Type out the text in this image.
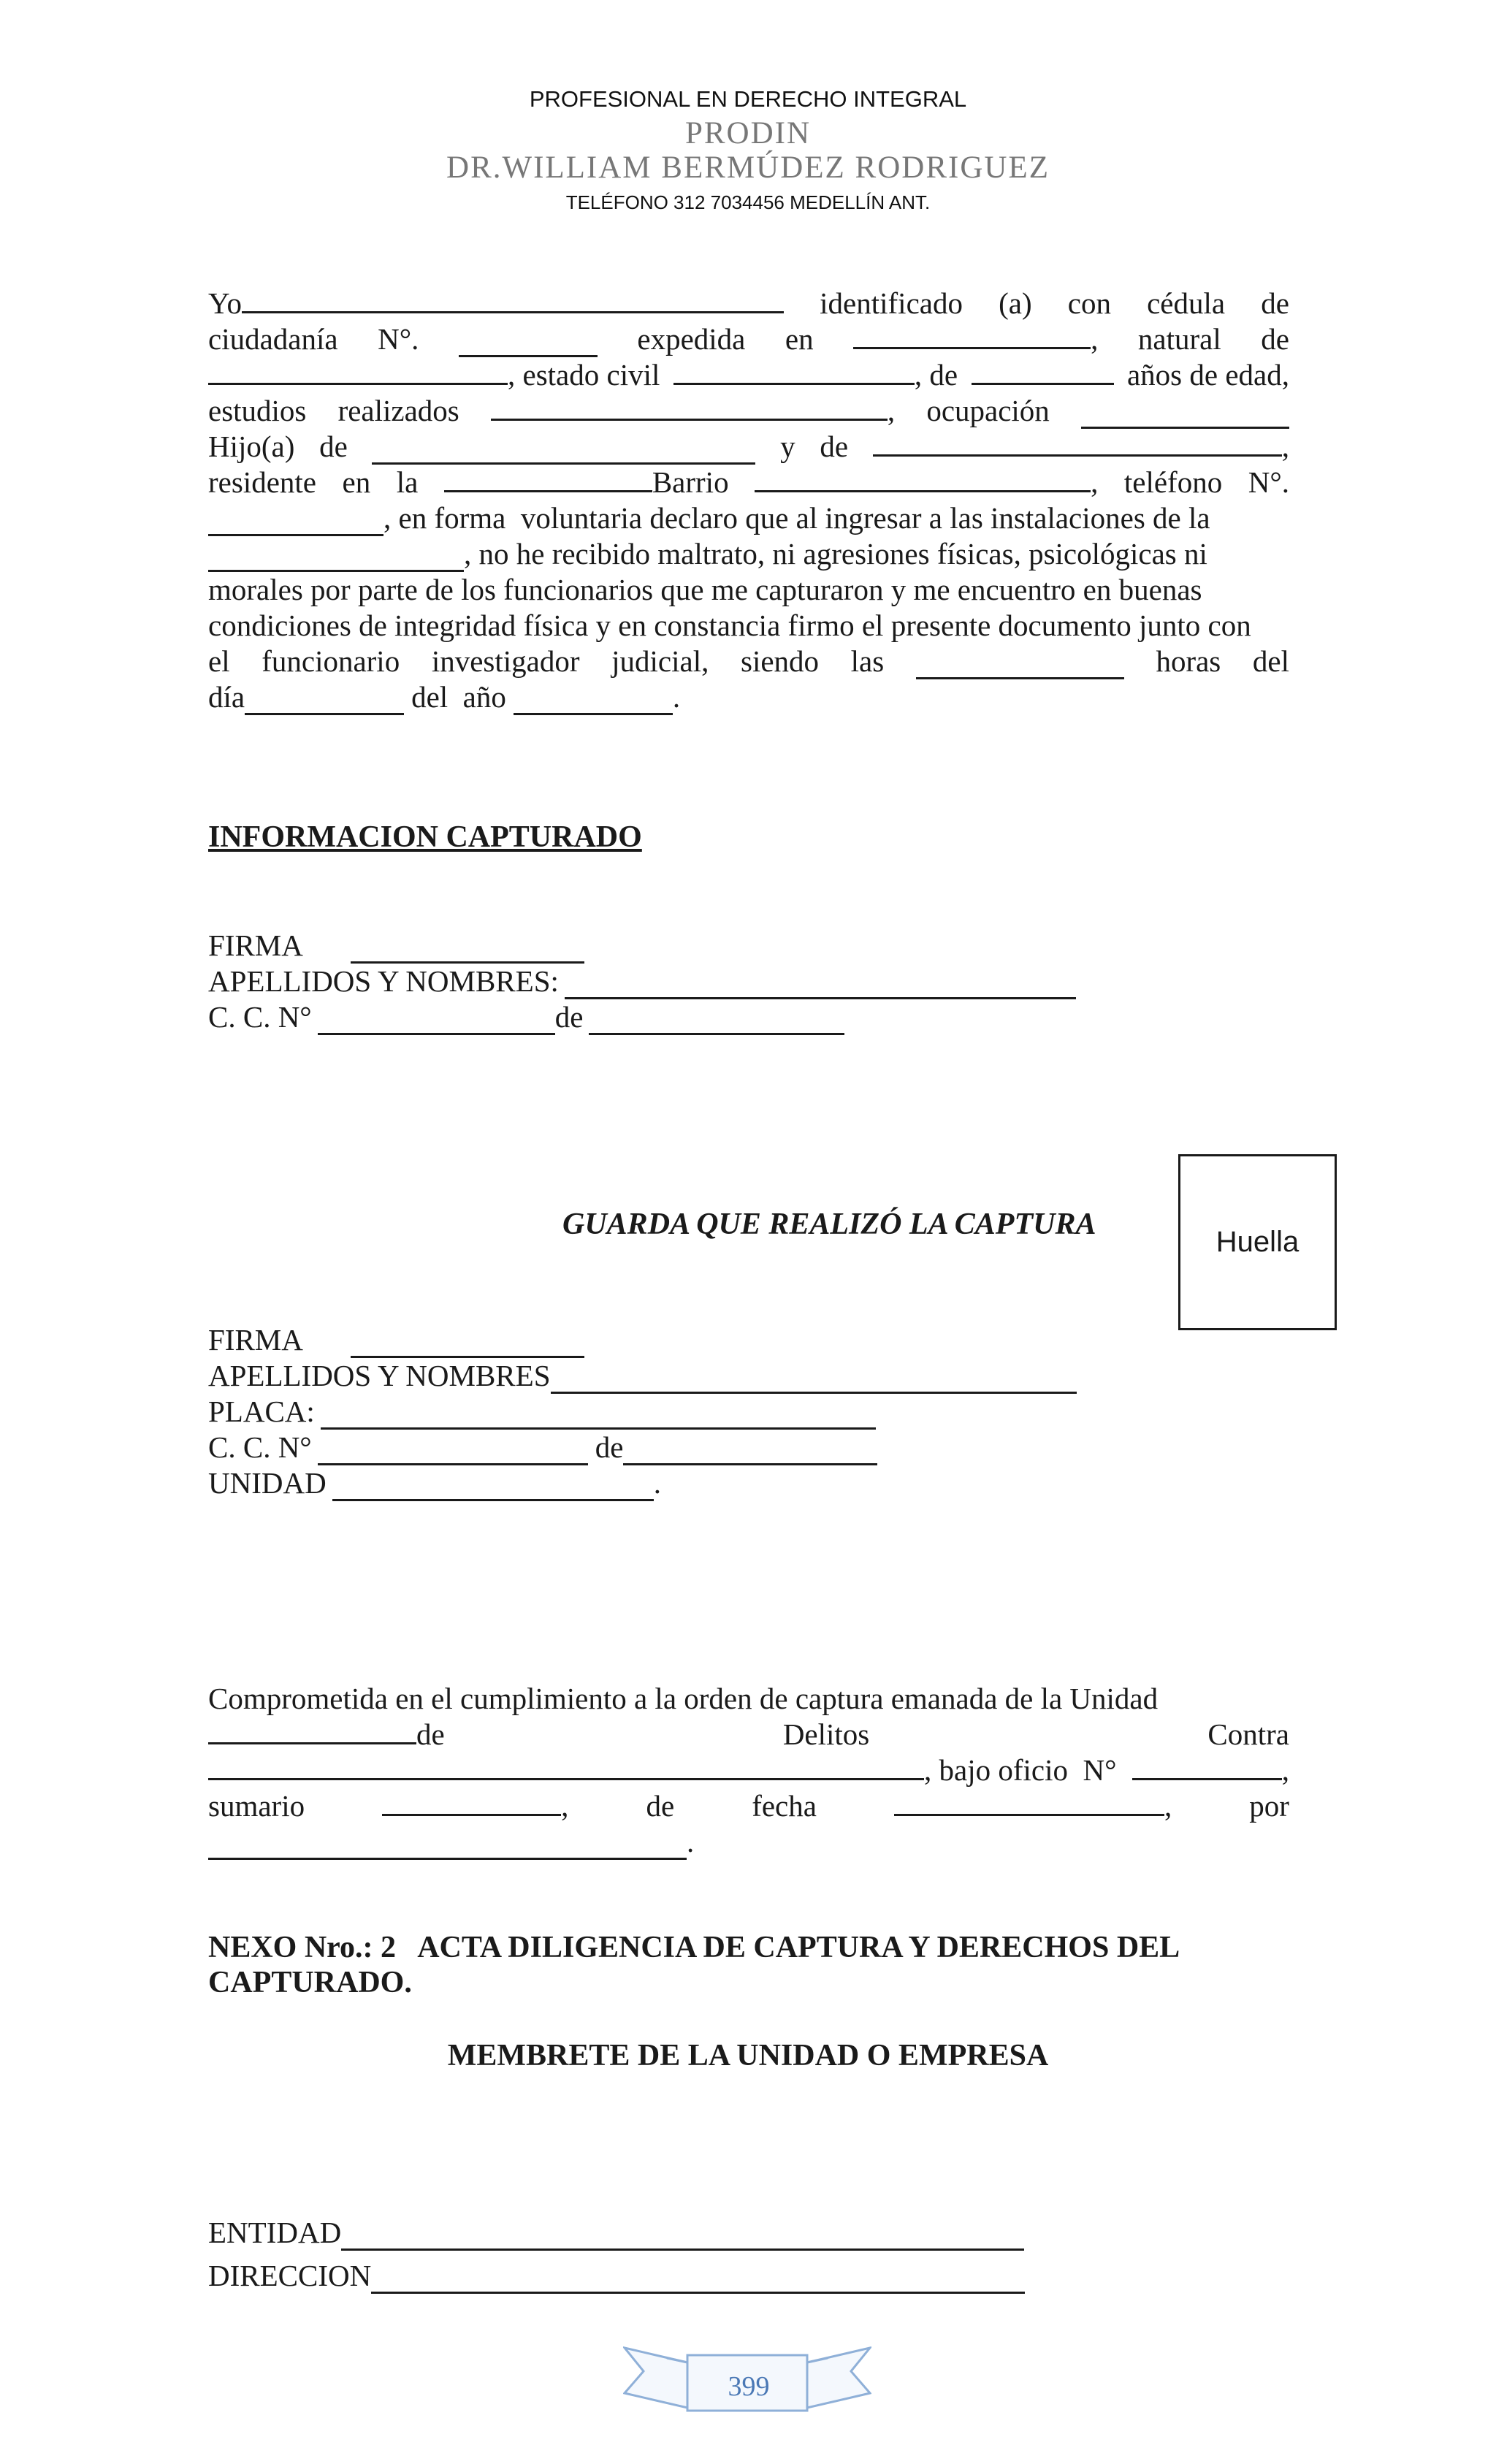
PROFESIONAL EN DERECHO INTEGRAL
PRODIN
DR.WILLIAM BERMÚDEZ RODRIGUEZ
TELÉFONO 312 7034456 MEDELLÍN ANT.
Yo	identificado (a) con cédula de
ciudadanía N°.	expedida en	, natural de
, estado civil	, de	años de edad,
estudios realizados	, ocupación
Hijo(a) de	y de	,
residente en la	Barrio	, teléfono N°.
, en forma  voluntaria declaro que al ingresar a las instalaciones de la
, no he recibido maltrato, ni agresiones físicas, psicológicas ni
morales por parte de los funcionarios que me capturaron y me encuentro en buenas
condiciones de integridad física y en constancia firmo el presente documento junto con
el funcionario investigador judicial, siendo las	horas del
día	del  año	.
INFORMACION CAPTURADO
FIRMA
APELLIDOS Y NOMBRES:
C. C. N°	de
GUARDA QUE REALIZÓ LA CAPTURA
Huella
FIRMA
APELLIDOS Y NOMBRES
PLACA:
C. C. N°	de
UNIDAD	.
Comprometida en el cumplimiento a la orden de captura emanada de la Unidad
de	Delitos	Contra
, bajo oficio  N°	,
sumario	,	de	fecha	,	por
.
NEXO Nro.: 2   ACTA DILIGENCIA DE CAPTURA Y DERECHOS DEL
CAPTURADO.
MEMBRETE DE LA UNIDAD O EMPRESA
ENTIDAD
DIRECCION
399
